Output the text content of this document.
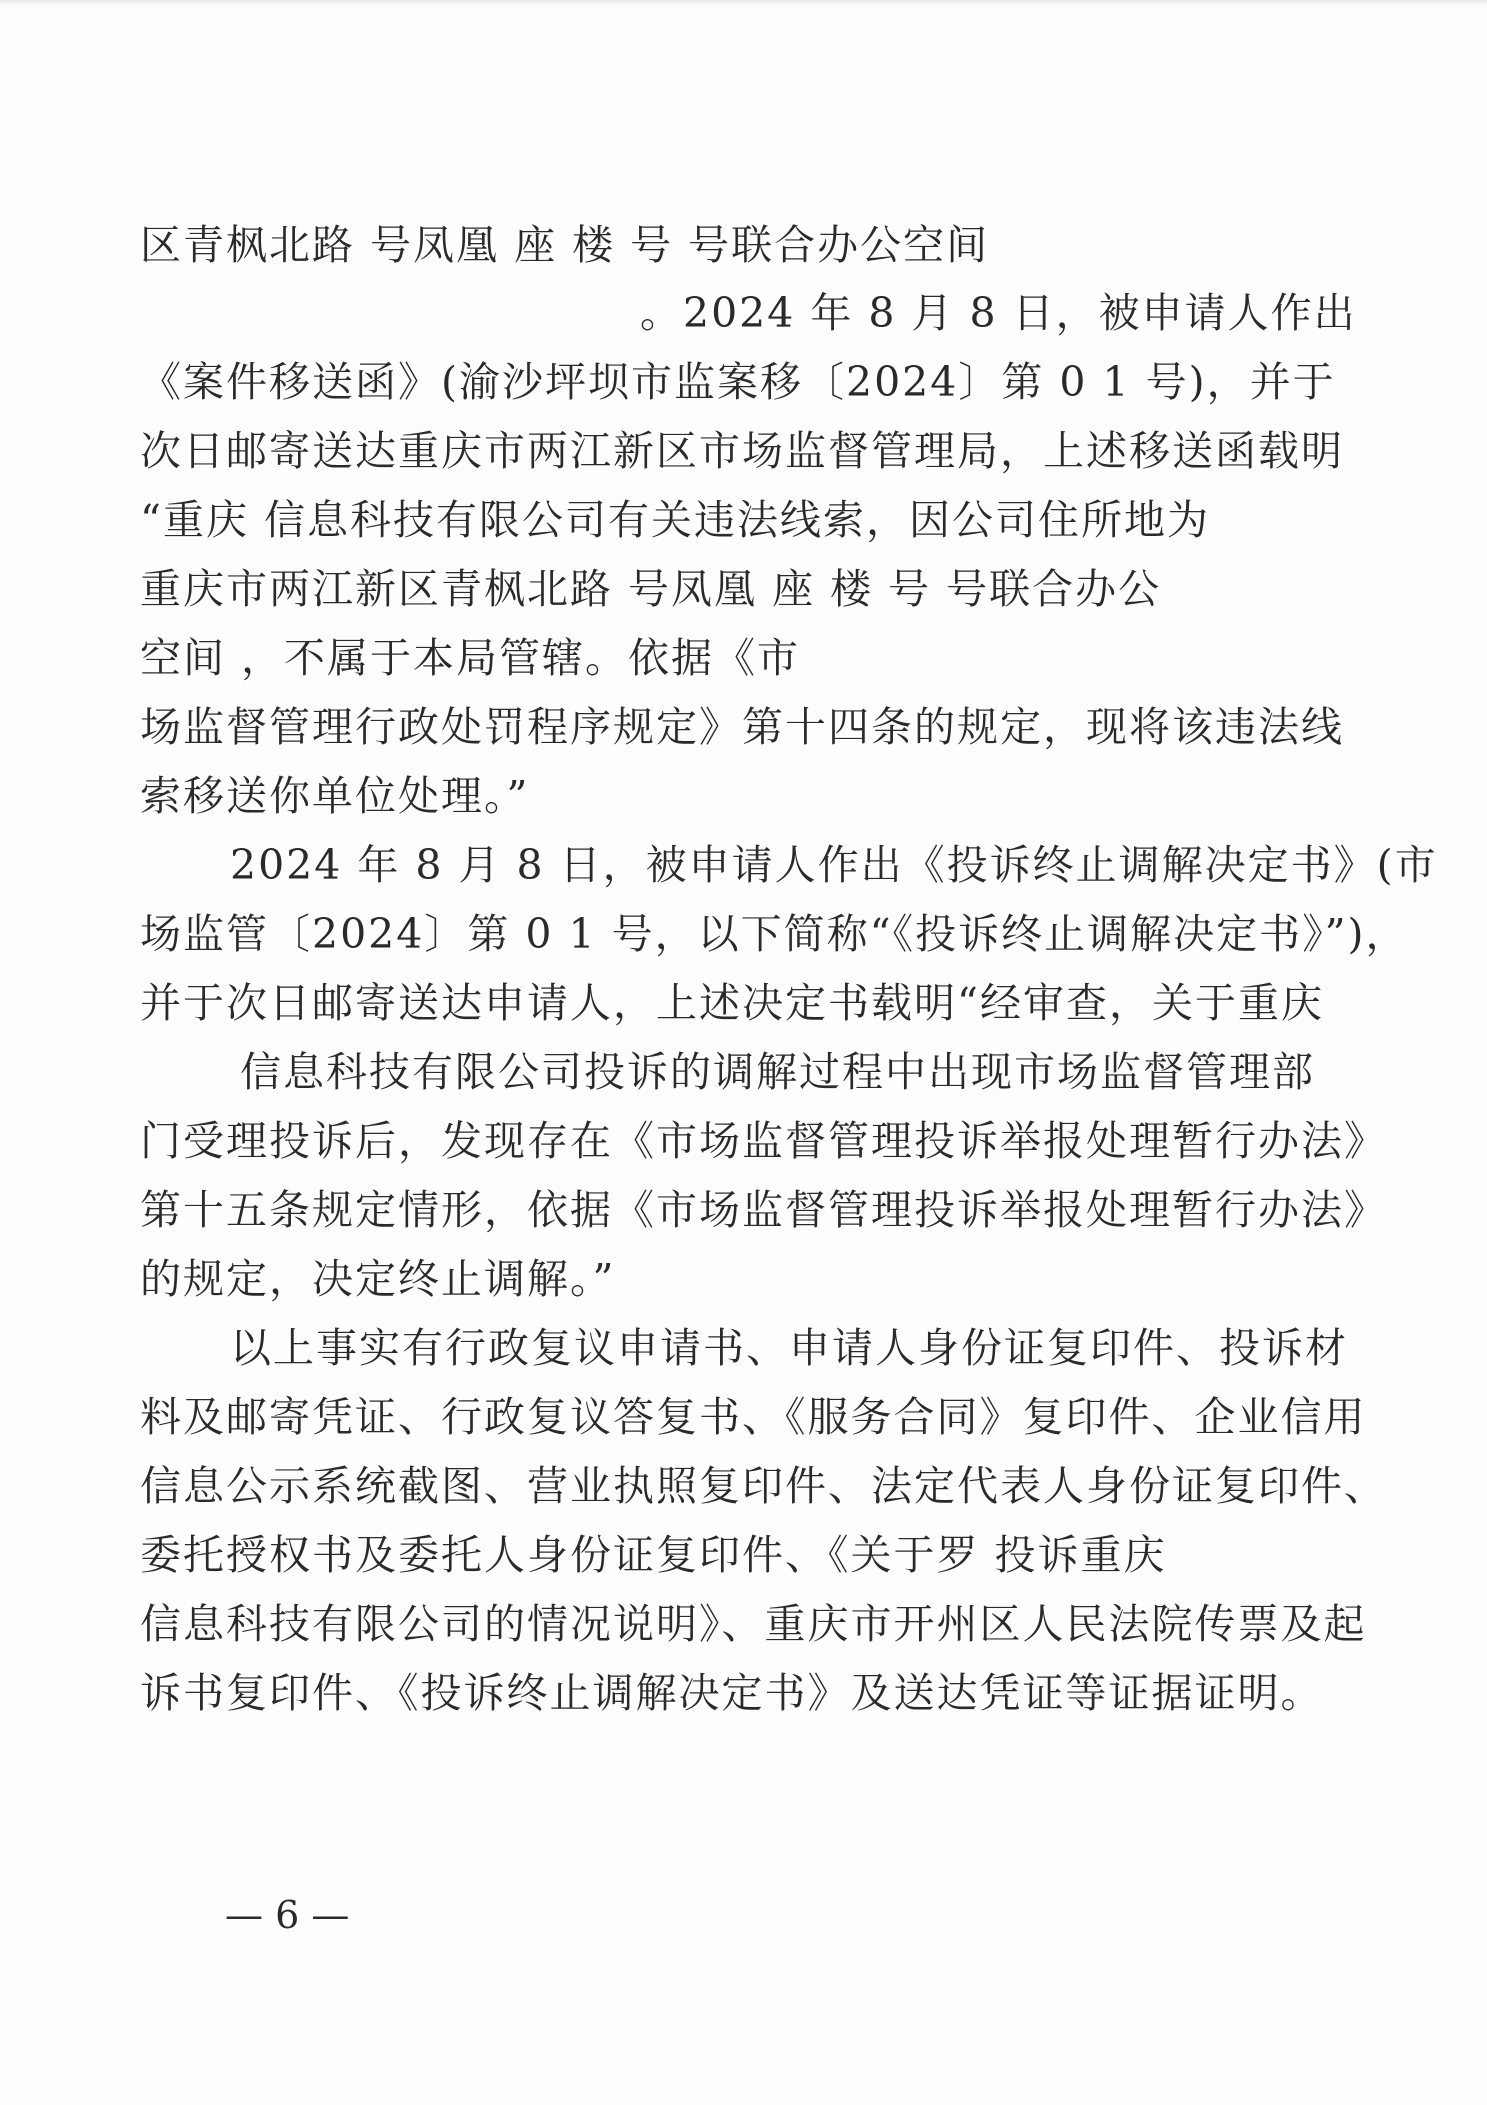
区青枫北路 号凤凰 座 楼 号 号联合办公空间
。2024 年 8 月 8 日，被申请人作出
《案件移送函》(渝沙坪坝市监案移〔2024〕第 0 1 号)，并于
次日邮寄送达重庆市两江新区市场监督管理局，上述移送函载明
“重庆 信息科技有限公司有关违法线索，因公司住所地为
重庆市两江新区青枫北路 号凤凰 座 楼 号 号联合办公
空间 ，不属于本局管辖。依据《市
场监督管理行政处罚程序规定》第十四条的规定，现将该违法线
索移送你单位处理。”
2024 年 8 月 8 日，被申请人作出《投诉终止调解决定书》(市
场监管〔2024〕第 0 1 号，以下简称“《投诉终止调解决定书》”)，
并于次日邮寄送达申请人，上述决定书载明“经审查，关于重庆
信息科技有限公司投诉的调解过程中出现市场监督管理部
门受理投诉后，发现存在《市场监督管理投诉举报处理暂行办法》
第十五条规定情形，依据《市场监督管理投诉举报处理暂行办法》
的规定，决定终止调解。”
以上事实有行政复议申请书、申请人身份证复印件、投诉材
料及邮寄凭证、行政复议答复书、《服务合同》复印件、企业信用
信息公示系统截图、营业执照复印件、法定代表人身份证复印件、
委托授权书及委托人身份证复印件、《关于罗 投诉重庆
信息科技有限公司的情况说明》、重庆市开州区人民法院传票及起
诉书复印件、《投诉终止调解决定书》及送达凭证等证据证明。
— 6 —
